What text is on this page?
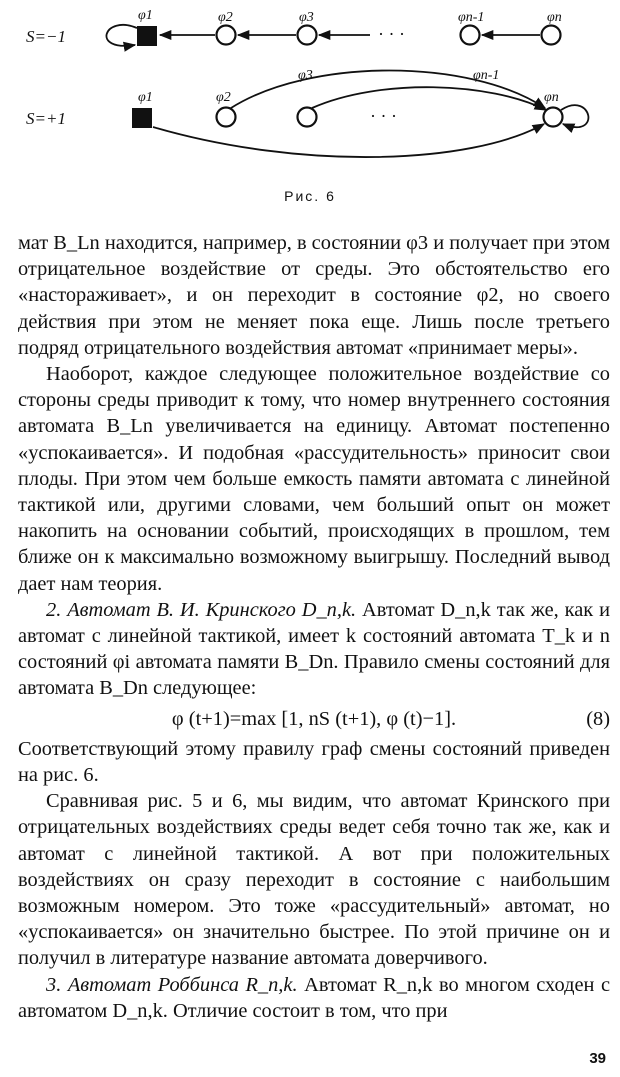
S=−1
φ1	φ2	φ3	φn-1	φn
· · ·
S=+1
φ1	φ2
φ3	φn-1
φn
· · ·
Рис. 6

мат B_Ln находится, например, в состоянии φ3 и получает при этом отрицательное воздействие от среды. Это обстоятельство его «настораживает», и он переходит в состояние φ2, но своего действия при этом не меняет пока еще. Лишь после третьего подряд отрицательного воздействия автомат «принимает меры».

Наоборот, каждое следующее положительное воздействие со стороны среды приводит к тому, что номер внутреннего состояния автомата B_Ln увеличивается на единицу. Автомат постепенно «успокаивается». И подобная «рассудительность» приносит свои плоды. При этом чем больше емкость памяти автомата с линейной тактикой или, другими словами, чем больший опыт он может накопить на основании событий, происходящих в прошлом, тем ближе он к максимально возможному выигрышу. Последний вывод дает нам теория.

2. Автомат В. И. Кринского D_n,k. Автомат D_n,k так же, как и автомат с линейной тактикой, имеет k состояний автомата T_k и n состояний φi автомата памяти B_Dn. Правило смены состояний для автомата B_Dn следующее:

φ (t+1)=max [1, nS (t+1), φ (t)−1].	(8)

Соответствующий этому правилу граф смены состояний приведен на рис. 6.

Сравнивая рис. 5 и 6, мы видим, что автомат Кринского при отрицательных воздействиях среды ведет себя точно так же, как и автомат с линейной тактикой. А вот при положительных воздействиях он сразу переходит в состояние с наибольшим возможным номером. Это тоже «рассудительный» автомат, но «успокаивается» он значительно быстрее. По этой причине он и получил в литературе название автомата доверчивого.

3. Автомат Роббинса R_n,k. Автомат R_n,k во многом сходен с автоматом D_n,k. Отличие состоит в том, что при

39
